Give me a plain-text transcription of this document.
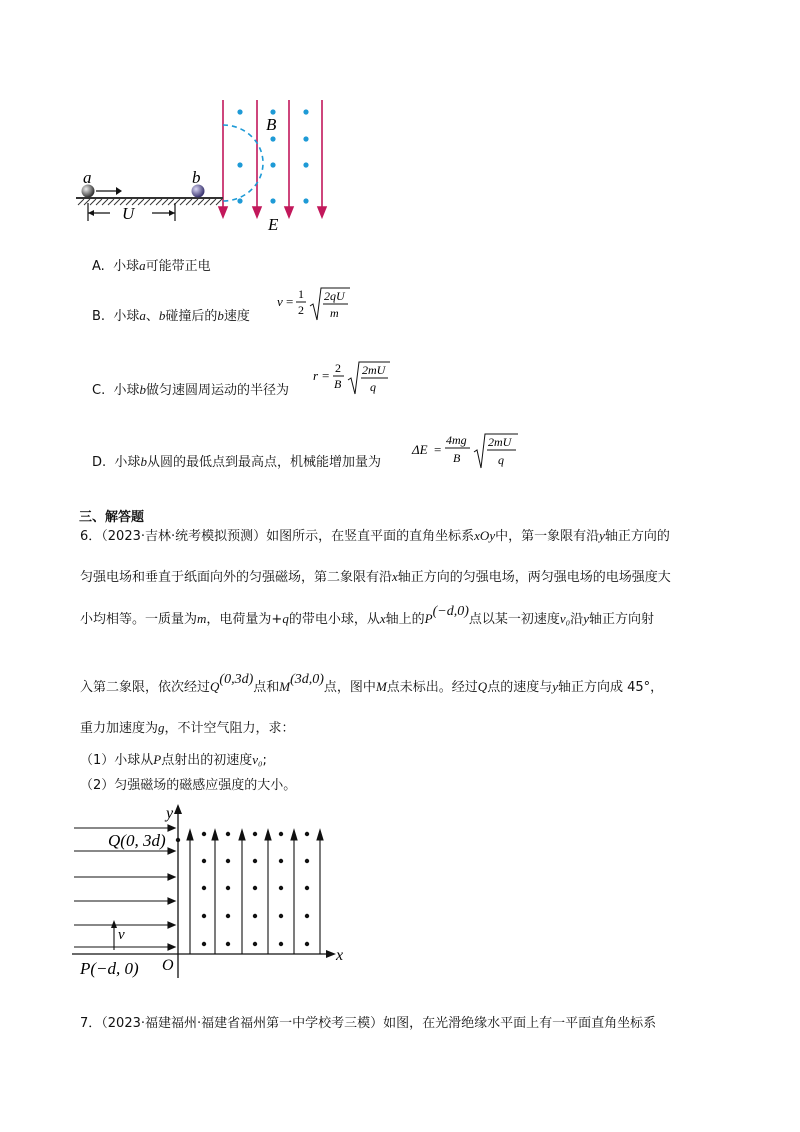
a	b
U
B
E
A. 小球a可能带正电
B. 小球a、b碰撞后的b速度
v = 1
2
2qU
m
C. 小球b做匀速圆周运动的半径为
r = 2
B
2mU
q
D. 小球b从圆的最低点到最高点，机械能增加量为
ΔE =
4mg
B
2mU
q
三、解答题
6．（2023·吉林·统考模拟预测）如图所示，在竖直平面的直角坐标系xOy中，第一象限有沿y轴正方向的
匀强电场和垂直于纸面向外的匀强磁场，第二象限有沿x轴正方向的匀强电场，两匀强电场的电场强度大
小均相等。一质量为m，电荷量为+q的带电小球，从x轴上的P(−d,0)点以某一初速度v₀沿y轴正方向射
入第二象限，依次经过Q(0,3d)点和M(3d,0)点，图中M点未标出。经过Q点的速度与y轴正方向成 45°，
重力加速度为g，不计空气阻力，求：
（1）小球从P点射出的初速度v₀;
（2）匀强磁场的磁感应强度的大小。
y
x
O
Q(0, 3d)
P(−d, 0)
v
7．（2023·福建福州·福建省福州第一中学校考三模）如图，在光滑绝缘水平面上有一平面直角坐标系
